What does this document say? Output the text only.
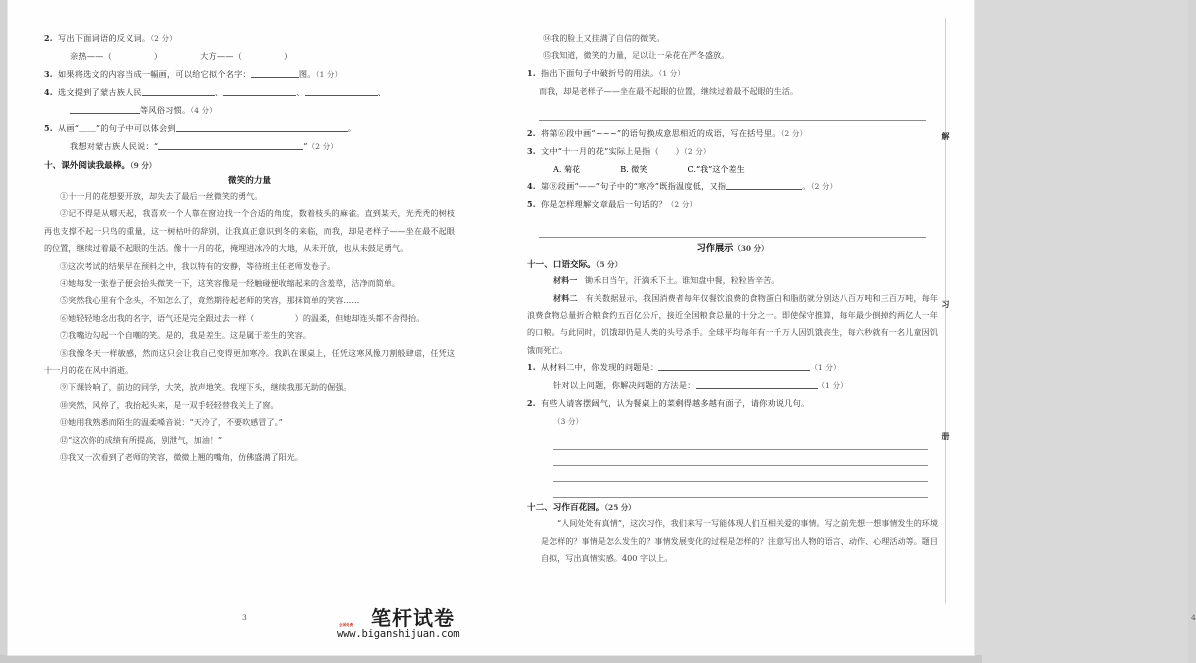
2. 写出下面词语的反义词。（2 分）
亲热——（　　　　　）　　　　　大方——（　　　　　）
3. 如果将选文的内容当成一幅画，可以给它拟个名字：	图。（1 分）
4. 选文提到了蒙古族人民	、	、	、
等风俗习惯。（4 分）
5. 从画“＿＿”的句子中可以体会到	。
我想对蒙古族人民说：“	”（2 分）
十、课外阅读我最棒。（9 分）
微笑的力量

①十一月的花想要开放，却失去了最后一丝微笑的勇气。

②记不得是从哪天起，我喜欢一个人靠在窗边找一个合适的角度，数着枝头的麻雀。直到某天，光秃秃的树枝再也支撑不起一只鸟的重量，这一树枯叶的辞别，让我真正意识到冬的来临，而我，却是老样子——坐在最不起眼的位置，继续过着最不起眼的生活。像十一月的花，掩埋进冰冷的大地，从未开放，也从未鼓足勇气。

③这次考试的结果早在预料之中，我以特有的安静，等待班主任老师发卷子。

④她每发一张卷子便会抬头微笑一下，这笑容像是一经触碰便收缩起来的含羞草，洁净而简单。

⑤突然我心里有个念头，不知怎么了，竟然期待起老师的笑容，那抹简单的笑容……

⑥她轻轻地念出我的名字，语气还是完全跟过去一样（　　　　　）的温柔，但她却连头都不舍得抬。

⑦我嘴边勾起一个自嘲的笑。是的，我是差生。这是属于差生的笑容。

⑧我像冬天一样敏感，然而这只会让我自己变得更加寒冷。我趴在课桌上，任凭这寒风像刀割般肆虐，任凭这十一月的花在风中消逝。

⑨下课铃响了，前边的同学，大笑，放声地笑。我埋下头，继续我那无助的倔强。

⑩突然，风停了，我抬起头来，是一双手轻轻替我关上了窗。

⑪她用我熟悉而陌生的温柔嗓音说：“天冷了，不要吹感冒了。”

⑫“这次你的成绩有所提高，别泄气，加油！”

⑬我又一次看到了老师的笑容，微微上翘的嘴角，仿佛盛满了阳光。

3

⑭我的脸上又挂满了自信的微笑。

⑮我知道，微笑的力量，足以让一朵花在严冬盛放。

1. 指出下面句子中破折号的用法。（1 分）

而我，却是老样子——坐在最不起眼的位置，继续过着最不起眼的生活。

2. 将第⑥段中画“~~~”的语句换成意思相近的成语，写在括号里。（2 分）
3. 文中“十一月的花”实际上是指（　　）（2 分）
A. 菊花	B. 微笑	C.“我”这个差生
4. 第⑧段画“——”句子中的“寒冷”既指温度低，又指	。（2 分）
5. 你是怎样理解文章最后一句话的？（2 分）
习作展示（30 分）
十一、口语交际。（5 分）

材料一 锄禾日当午，汗滴禾下土。谁知盘中餐，粒粒皆辛苦。

材料二 有关数据显示，我国消费者每年仅餐饮浪费的食物蛋白和脂肪就分别达八百万吨和三百万吨，每年浪费食物总量折合粮食约五百亿公斤，接近全国粮食总量的十分之一。即使保守推算，每年最少倒掉约两亿人一年的口粮。与此同时，饥饿却仍是人类的头号杀手。全球平均每年有一千万人因饥饿丧生，每六秒就有一名儿童因饥饿而死亡。

1. 从材料二中，你发现的问题是：	（1 分）
针对以上问题，你解决问题的方法是：	（1 分）
2. 有些人请客摆阔气，认为餐桌上的菜剩得越多越有面子，请你劝说几句。
（3 分）
十二、习作百花园。（25 分）

“人间处处有真情”，这次习作，我们来写一写能体现人们互相关爱的事情。写之前先想一想事情发生的环境是怎样的？事情是怎么发生的？事情发展变化的过程是怎样的？注意写出人物的语言、动作、心理活动等。题目自拟，写出真情实感。400 字以上。

解
习
册
4
全国免费 笔杆试卷
www.biganshijuan.com
